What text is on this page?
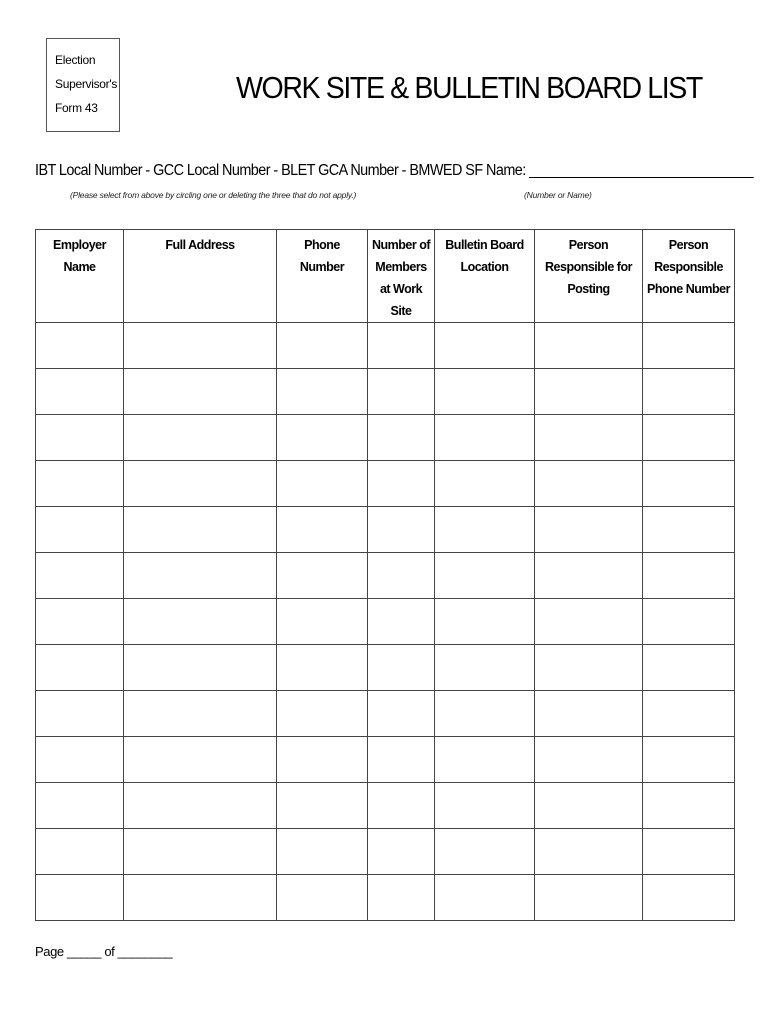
Election
Supervisor's
Form 43
WORK SITE & BULLETIN BOARD LIST
IBT Local Number - GCC Local Number - BLET GCA Number - BMWED SF Name: ______________________________
(Please select from above by circling one or deleting the three that do not apply.)	(Number or Name)
Employer Name	Full Address	Phone Number	Number of Members at Work Site	Bulletin Board Location	Person Responsible for Posting	Person Responsible Phone Number

Page _____ of ________
